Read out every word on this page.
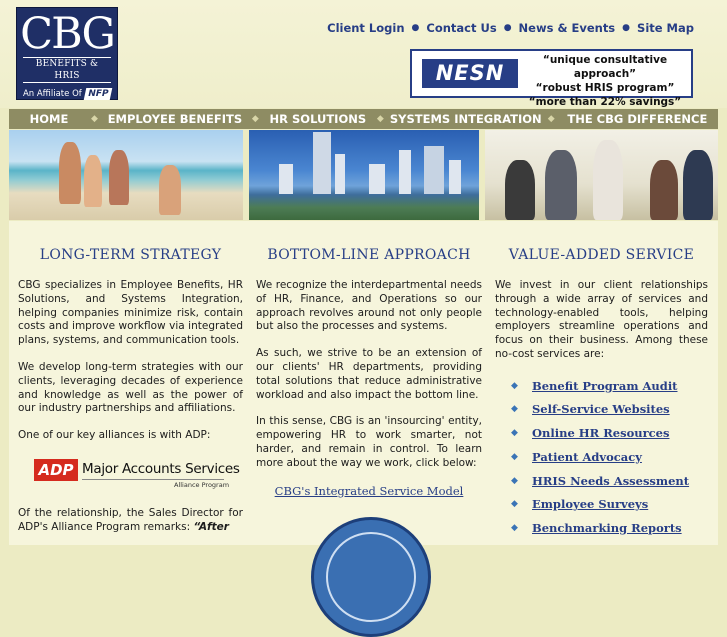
CBG
BENEFITS & HRIS
An Affiliate Of NFP
Client Login ● Contact Us ● News & Events ● Site Map
NESN
“unique consultative approach”
“robust HRIS program”
“more than 22% savings”
HOME	◆ EMPLOYEE BENEFITS ◆ HR SOLUTIONS ◆ SYSTEMS INTEGRATION ◆ THE CBG DIFFERENCE
LONG-TERM STRATEGY

CBG specializes in Employee Benefits, HR Solutions, and Systems Integration, helping companies minimize risk, contain costs and improve workflow via integrated plans, systems, and communication tools.

We develop long-term strategies with our clients, leveraging decades of experience and knowledge as well as the power of our industry partnerships and affiliations.

One of our key alliances is with ADP:

ADP Major Accounts Services
Alliance Program

Of the relationship, the Sales Director for ADP's Alliance Program remarks: “After

BOTTOM-LINE APPROACH

We recognize the interdepartmental needs of HR, Finance, and Operations so our approach revolves around not only people but also the processes and systems.

As such, we strive to be an extension of our clients' HR departments, providing total solutions that reduce administrative workload and also impact the bottom line.

In this sense, CBG is an 'insourcing' entity, empowering HR to work smarter, not harder, and remain in control. To learn more about the way we work, click below:

CBG's Integrated Service Model
VALUE-ADDED SERVICE

We invest in our client relationships through a wide array of services and technology-enabled tools, helping employers streamline operations and focus on their business. Among these no-cost services are:

◆	Benefit Program Audit
◆	Self-Service Websites
◆	Online HR Resources
◆	Patient Advocacy
◆	HRIS Needs Assessment
◆	Employee Surveys
◆	Benchmarking Reports
